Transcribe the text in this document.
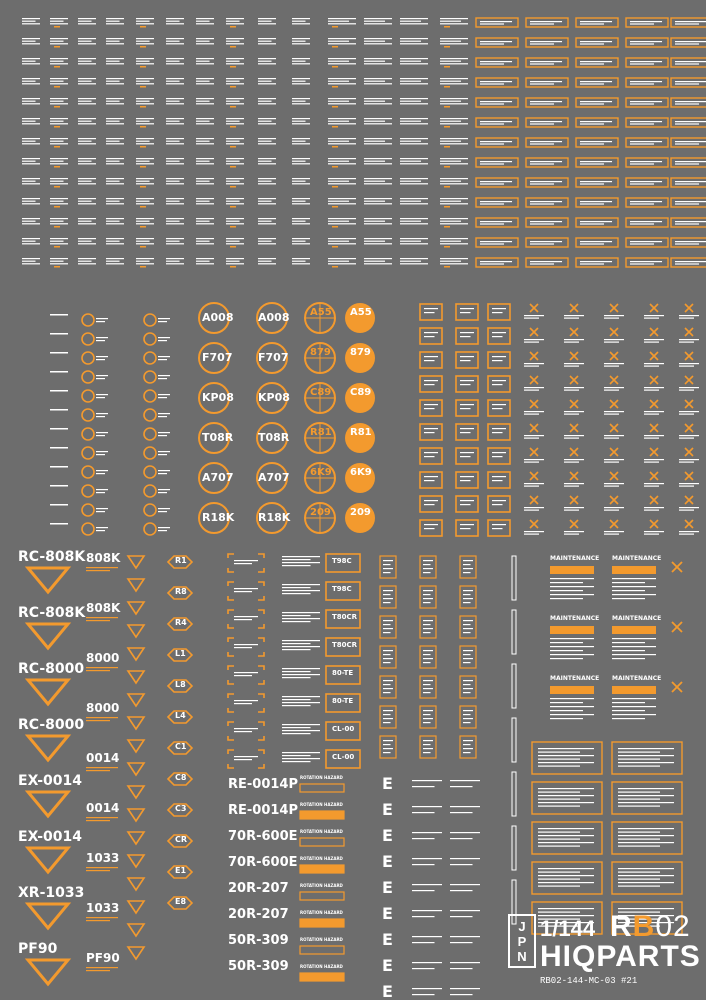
A008
F707
KP08
T08R
A707
R18K
A008
F707
KP08
T08R
A707
R18K
A55
879
C89
R81
6K9
209
A55
879
C89
R81
6K9
209
RC-808K
RC-808K
RC-8000
RC-8000
EX-0014
EX-0014
XR-1033
PF90
808K
808K
8000
8000
0014
0014
1033
1033
PF90
R1
R8
R4
L1
L8
L4
C1
C8
C3
CR
E1
E8
T98C
T98C
T80CR
T80CR
80-TE
80-TE
CL-00
CL-00
RE-0014P
RE-0014P
70R-600E
70R-600E
20R-207
20R-207
50R-309
50R-309
ROTATION HAZARD
ROTATION HAZARD
ROTATION HAZARD
ROTATION HAZARD
ROTATION HAZARD
ROTATION HAZARD
ROTATION HAZARD
ROTATION HAZARD
E
E
E
E
E
E
E
E
E
MAINTENANCE MAINTENANCE
MAINTENANCE MAINTENANCE
MAINTENANCE MAINTENANCE
JPN 1/144 RB02
HIQPARTS
RB02-144-MC-03 #21
